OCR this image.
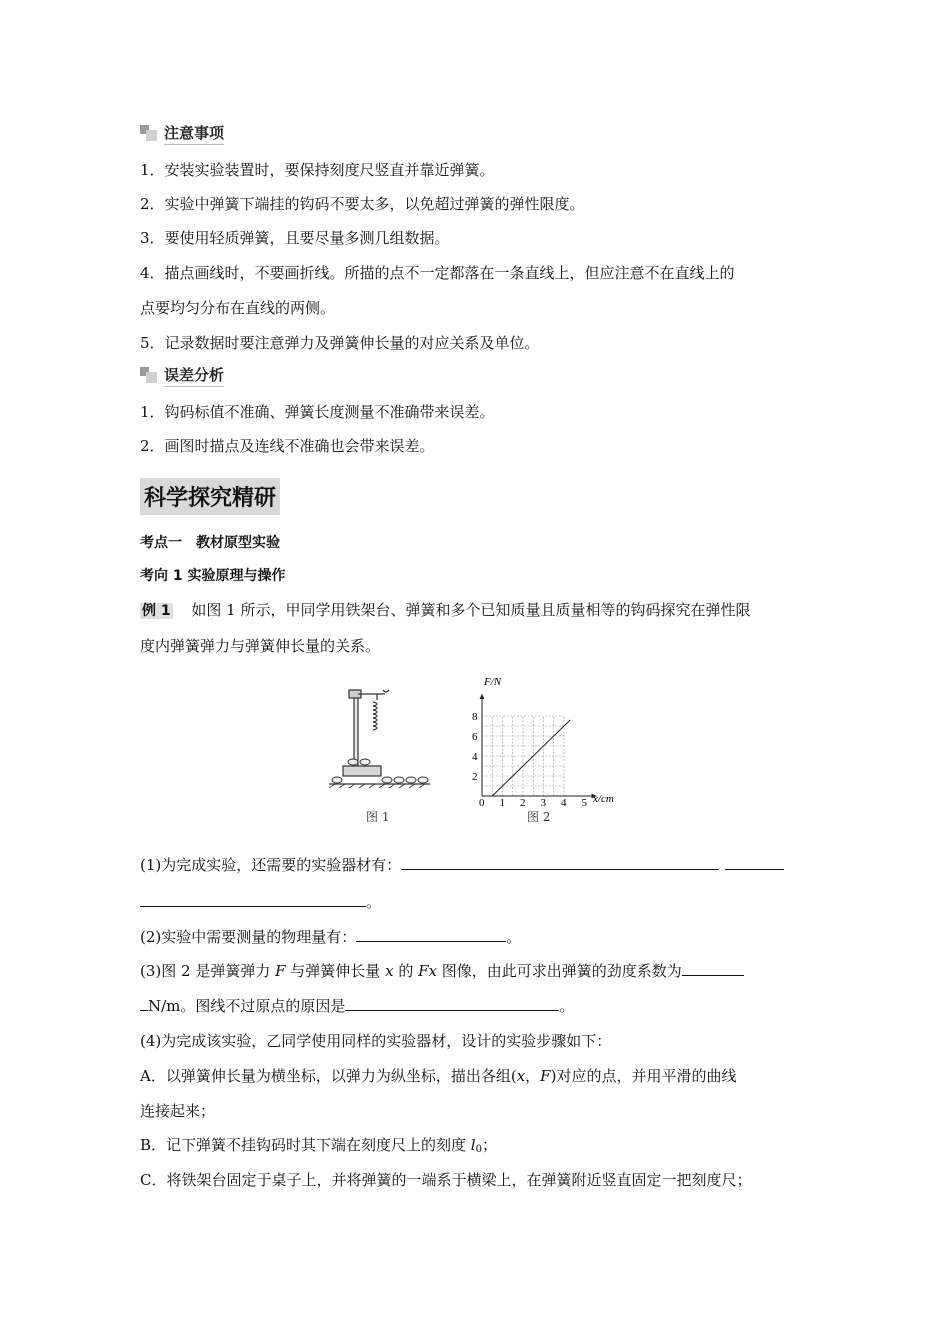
注意事项
1．安装实验装置时，要保持刻度尺竖直并靠近弹簧。
2．实验中弹簧下端挂的钩码不要太多，以免超过弹簧的弹性限度。
3．要使用轻质弹簧，且要尽量多测几组数据。
4．描点画线时，不要画折线。所描的点不一定都落在一条直线上，但应注意不在直线上的
点要均匀分布在直线的两侧。
5．记录数据时要注意弹力及弹簧伸长量的对应关系及单位。
误差分析
1．钩码标值不准确、弹簧长度测量不准确带来误差。
2．画图时描点及连线不准确也会带来误差。
科学探究精研
考点一　教材原型实验
考向 1 实验原理与操作
例 1 如图 1 所示，甲同学用铁架台、弹簧和多个已知质量且质量相等的钩码探究在弹性限
度内弹簧弹力与弹簧伸长量的关系。
图 1
0 1 2 3 4 5
2
4
6
8
F/N
x/cm
图 2
(1)为完成实验，还需要的实验器材有：
。
(2)实验中需要测量的物理量有：	。
(3)图 2 是弹簧弹力 F 与弹簧伸长量 x 的 Fx 图像，由此可求出弹簧的劲度系数为
N/m。图线不过原点的原因是	。
(4)为完成该实验，乙同学使用同样的实验器材，设计的实验步骤如下：
A．以弹簧伸长量为横坐标，以弹力为纵坐标，描出各组(x，F)对应的点，并用平滑的曲线
连接起来；
B．记下弹簧不挂钩码时其下端在刻度尺上的刻度 $l_0$；
C．将铁架台固定于桌子上，并将弹簧的一端系于横梁上，在弹簧附近竖直固定一把刻度尺；
